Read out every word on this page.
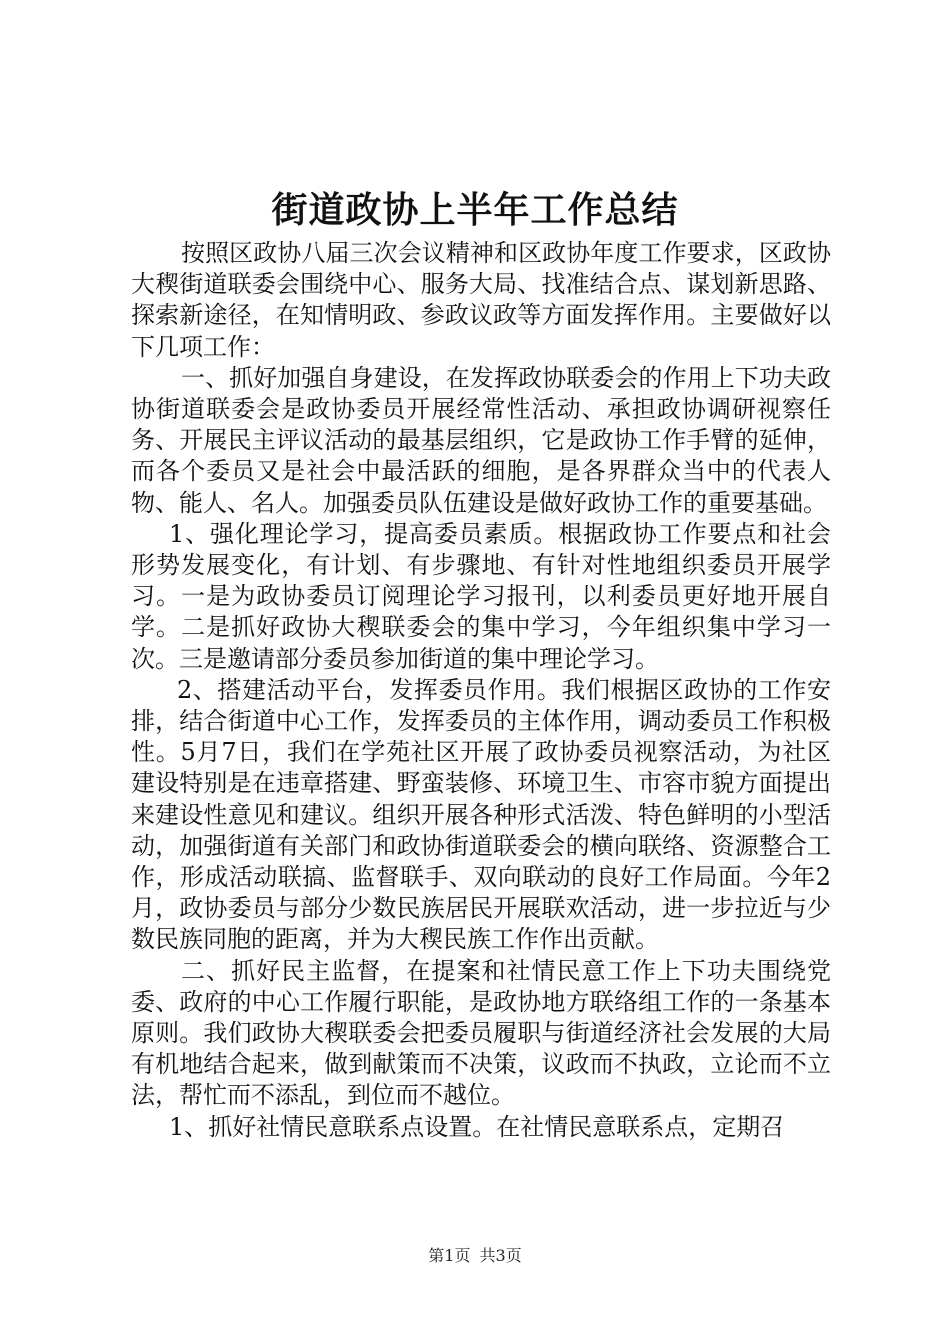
街道政协上半年工作总结

按照区政协八届三次会议精神和区政协年度工作要求，区政协大稧街道联委会围绕中心、服务大局、找准结合点、谋划新思路、探索新途径，在知情明政、参政议政等方面发挥作用。主要做好以下几项工作：

一、抓好加强自身建设，在发挥政协联委会的作用上下功夫政协街道联委会是政协委员开展经常性活动、承担政协调研视察任务、开展民主评议活动的最基层组织，它是政协工作手臂的延伸，而各个委员又是社会中最活跃的细胞，是各界群众当中的代表人物、能人、名人。加强委员队伍建设是做好政协工作的重要基础。

1、强化理论学习，提高委员素质。根据政协工作要点和社会形势发展变化，有计划、有步骤地、有针对性地组织委员开展学习。一是为政协委员订阅理论学习报刊，以利委员更好地开展自学。二是抓好政协大稧联委会的集中学习，今年组织集中学习一次。三是邀请部分委员参加街道的集中理论学习。

2、搭建活动平台，发挥委员作用。我们根据区政协的工作安排，结合街道中心工作，发挥委员的主体作用，调动委员工作积极性。5月7日，我们在学苑社区开展了政协委员视察活动，为社区建设特别是在违章搭建、野蛮装修、环境卫生、市容市貌方面提出来建设性意见和建议。组织开展各种形式活泼、特色鲜明的小型活动，加强街道有关部门和政协街道联委会的横向联络、资源整合工作，形成活动联搞、监督联手、双向联动的良好工作局面。今年2月，政协委员与部分少数民族居民开展联欢活动，进一步拉近与少数民族同胞的距离，并为大稧民族工作作出贡献。

二、抓好民主监督，在提案和社情民意工作上下功夫围绕党委、政府的中心工作履行职能，是政协地方联络组工作的一条基本原则。我们政协大稧联委会把委员履职与街道经济社会发展的大局有机地结合起来，做到献策而不决策，议政而不执政，立论而不立法，帮忙而不添乱，到位而不越位。

1、抓好社情民意联系点设置。在社情民意联系点，定期召

第1页 共3页
